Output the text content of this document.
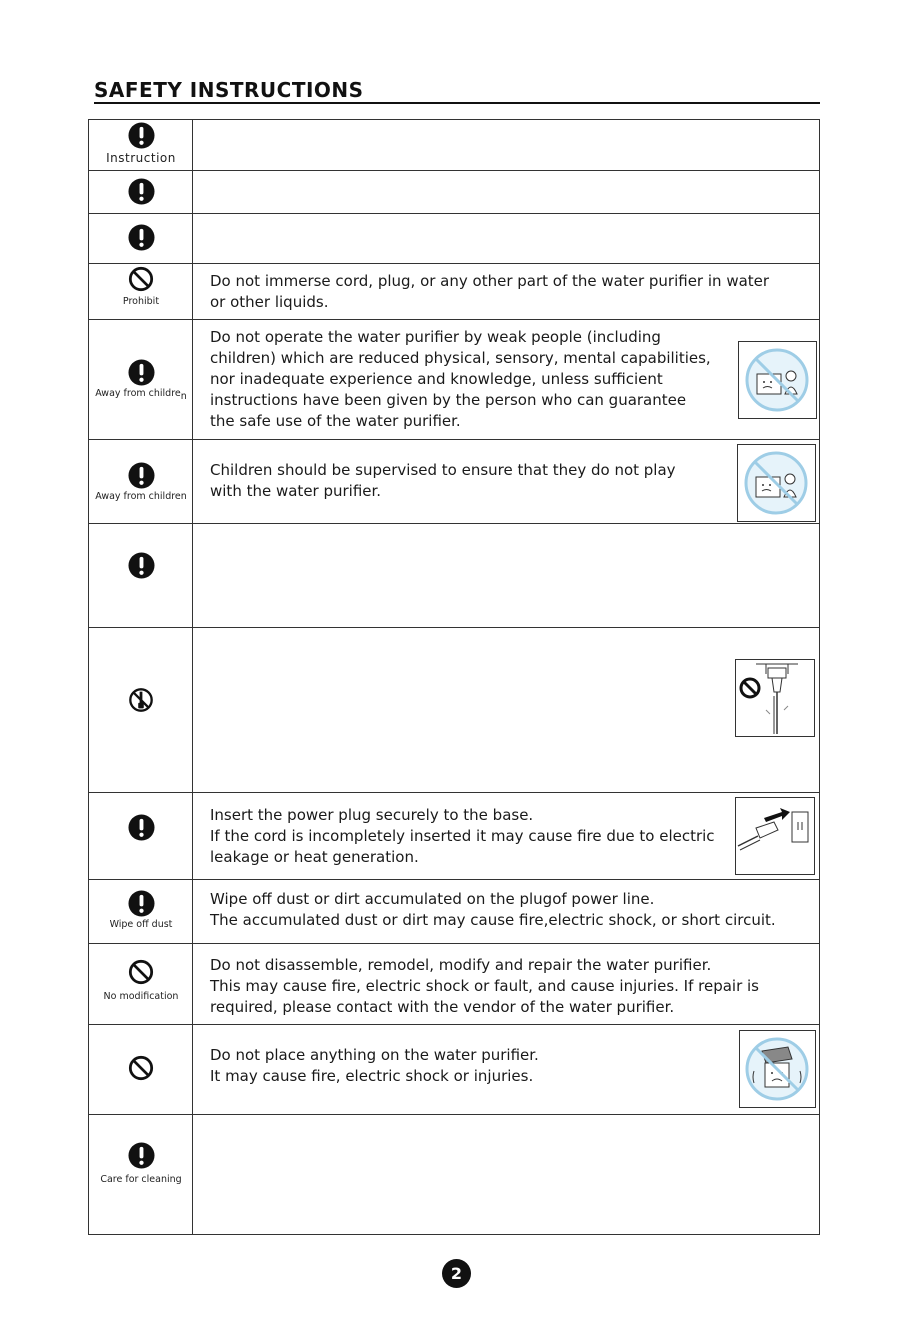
SAFETY INSTRUCTIONS
Instruction
Prohibit

Do not immerse cord, plug, or any other part of the water purifier in water

or other liquids.

Away from children

Do not operate the water purifier by weak people (including

children) which are reduced physical, sensory, mental capabilities,

nor inadequate experience and knowledge, unless sufficient

instructions have been given by the person who can guarantee

the safe use of the water purifier.

Away from children

Children should be supervised to ensure that they do not play

with the water purifier.

Insert the power plug securely to the base.

If the cord is incompletely inserted it may cause fire due to electric

leakage or heat generation.

Wipe off dust

Wipe off dust or dirt accumulated on the plugof power line.

The accumulated dust or dirt may cause fire,electric shock, or short circuit.

No modification

Do not disassemble, remodel, modify and repair the water purifier.

This may cause fire, electric shock or fault, and cause injuries. If repair is

required, please contact with the vendor of the water purifier.

Do not place anything on the water purifier.

It may cause fire, electric shock or injuries.

Care for cleaning
2
